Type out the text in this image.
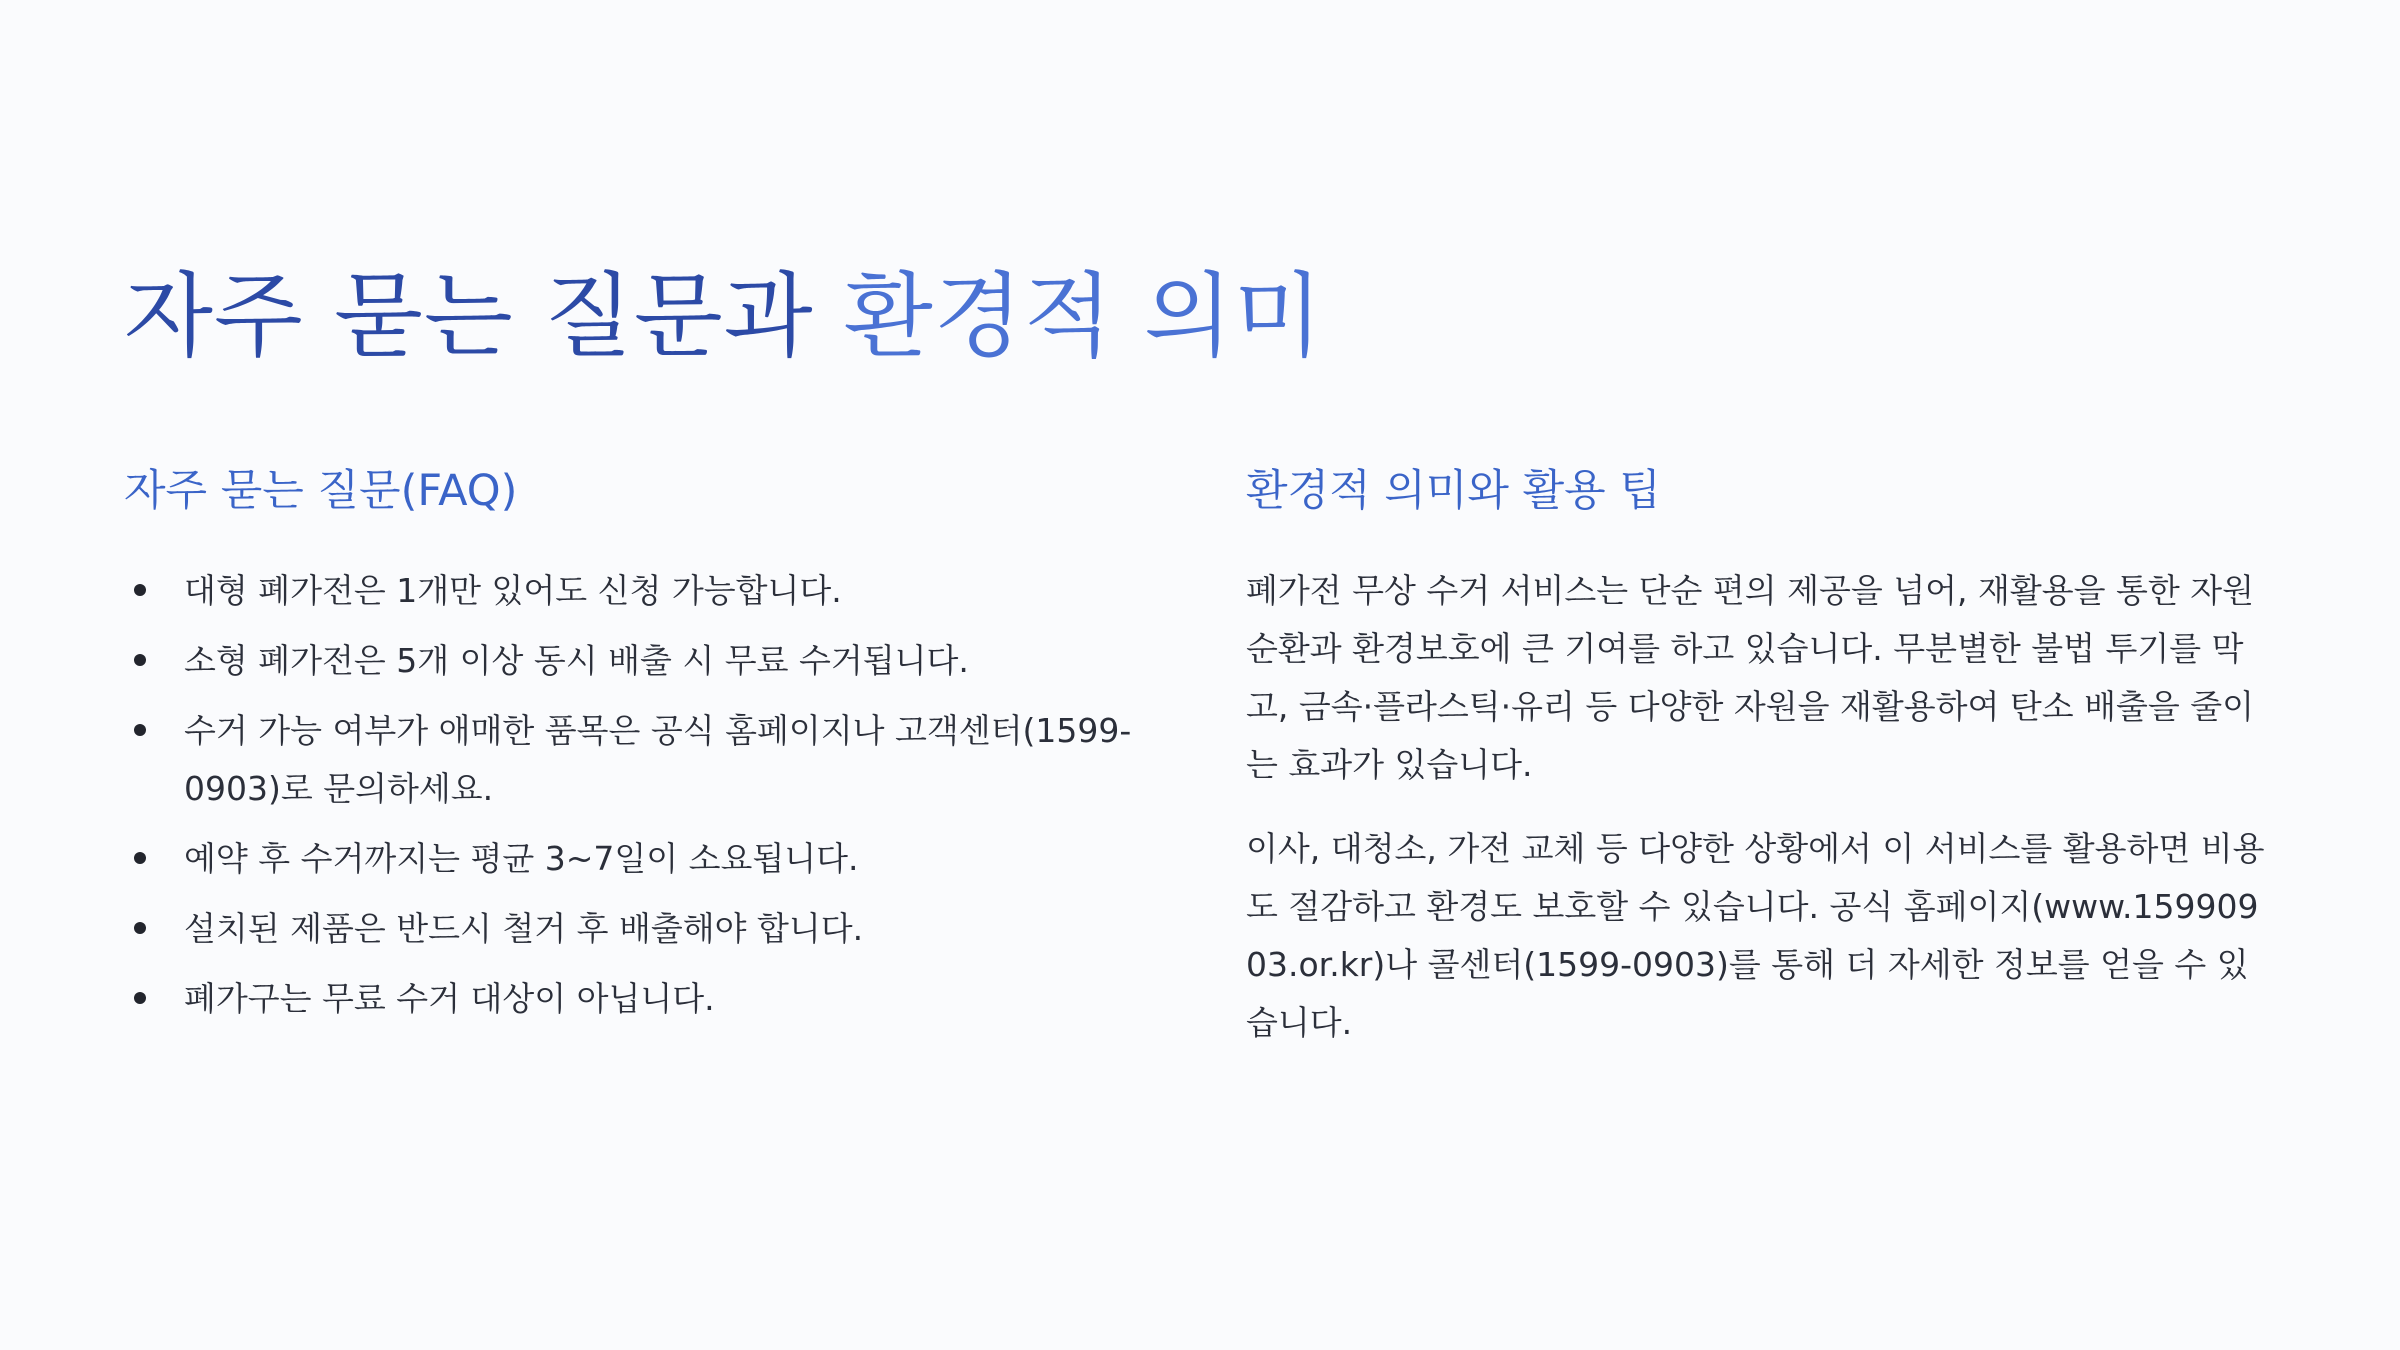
자주 묻는 질문과 환경적 의미
자주 묻는 질문(FAQ)
대형 폐가전은 1개만 있어도 신청 가능합니다.
소형 폐가전은 5개 이상 동시 배출 시 무료 수거됩니다.
수거 가능 여부가 애매한 품목은 공식 홈페이지나 고객센터(1599-0903)로 문의하세요.
예약 후 수거까지는 평균 3~7일이 소요됩니다.
설치된 제품은 반드시 철거 후 배출해야 합니다.
폐가구는 무료 수거 대상이 아닙니다.
환경적 의미와 활용 팁

폐가전 무상 수거 서비스는 단순 편의 제공을 넘어, 재활용을 통한 자원 순환과 환경보호에 큰 기여를 하고 있습니다. 무분별한 불법 투기를 막고, 금속·플라스틱·유리 등 다양한 자원을 재활용하여 탄소 배출을 줄이는 효과가 있습니다.

이사, 대청소, 가전 교체 등 다양한 상황에서 이 서비스를 활용하면 비용도 절감하고 환경도 보호할 수 있습니다. 공식 홈페이지(www.15990903.or.kr)나 콜센터(1599-0903)를 통해 더 자세한 정보를 얻을 수 있습니다.
